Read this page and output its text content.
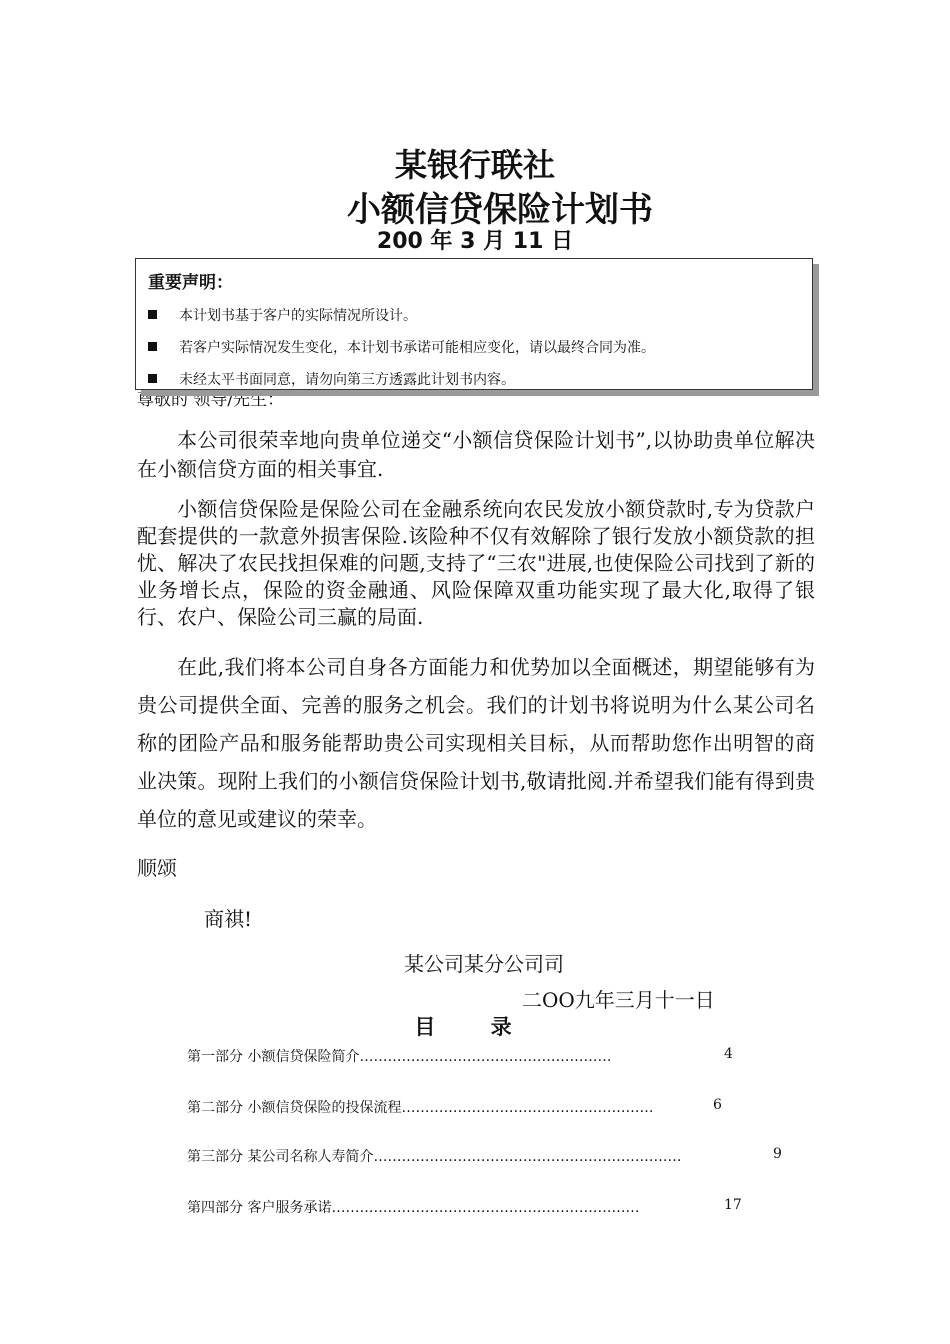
某银行联社
小额信贷保险计划书
200 年 3 月 11 日
尊敬的 领导/先生：
重要声明：
本计划书基于客户的实际情况所设计。
若客户实际情况发生变化，本计划书承诺可能相应变化，请以最终合同为准。
未经太平书面同意，请勿向第三方透露此计划书内容。

本公司很荣幸地向贵单位递交“小额信贷保险计划书”,以协助贵单位解决在小额信贷方面的相关事宜.

小额信贷保险是保险公司在金融系统向农民发放小额贷款时,专为贷款户配套提供的一款意外损害保险.该险种不仅有效解除了银行发放小额贷款的担忧、解决了农民找担保难的问题,支持了“三农"进展,也使保险公司找到了新的业务增长点，保险的资金融通、风险保障双重功能实现了最大化,取得了银行、农户、保险公司三赢的局面.

在此,我们将本公司自身各方面能力和优势加以全面概述，期望能够有为贵公司提供全面、完善的服务之机会。我们的计划书将说明为什么某公司名称的团险产品和服务能帮助贵公司实现相关目标，从而帮助您作出明智的商业决策。现附上我们的小额信贷保险计划书,敬请批阅.并希望我们能有得到贵单位的意见或建议的荣幸。

顺颂
商祺!
某公司某分公司司
二OO九年三月十一日
目 录
第一部分 小额信贷保险简介………………………………………………	4
第二部分 小额信贷保险的投保流程………………………………………………	6
第三部分 某公司名称人寿简介…………………………………………………………	9
第四部分 客户服务承诺…………………………………………………………	17
